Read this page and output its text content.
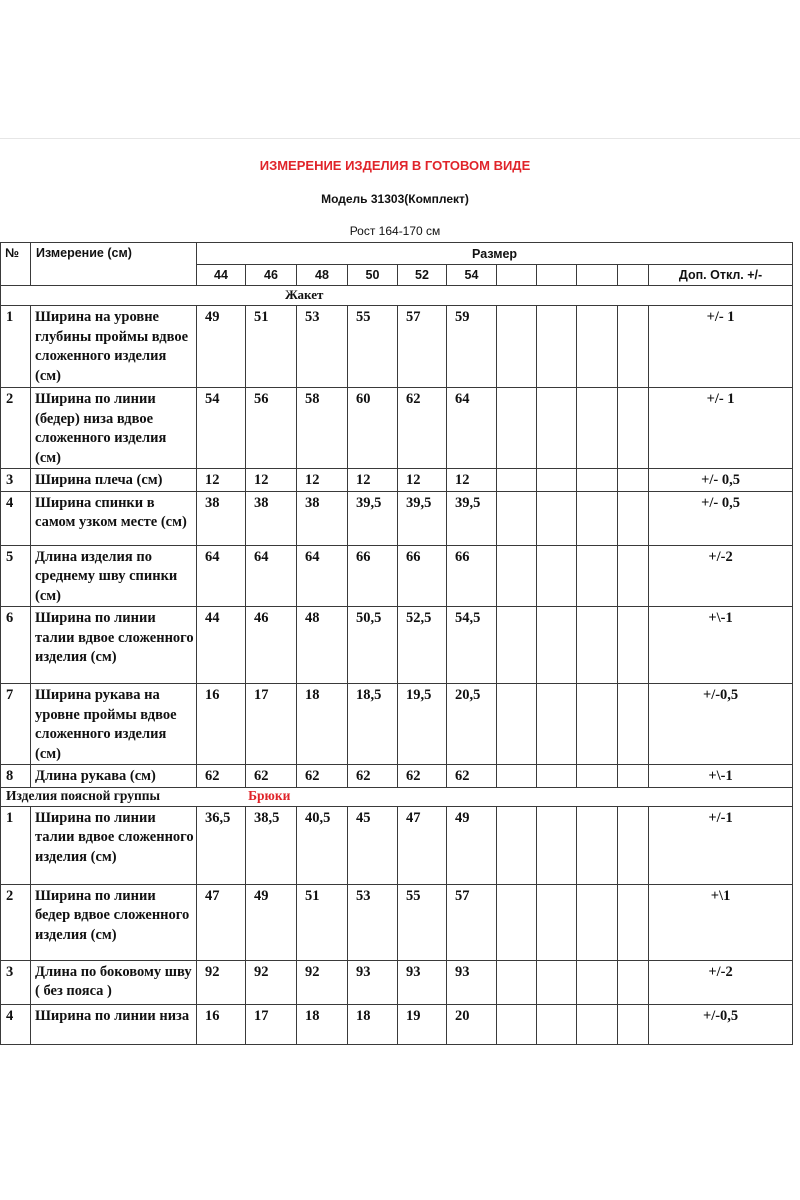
ИЗМЕРЕНИЕ ИЗДЕЛИЯ В ГОТОВОМ ВИДЕ
Модель 31303(Комплект)
Рост 164-170 см
№	Измерение (см)	Размер										
		44	46	48	50	52	54					Доп. Откл. +/-
Жакет												
1	Ширина на уровне глубины проймы вдвое сложенного изделия (см)	49	51	53	55	57	59					+/- 1
2	Ширина по линии (бедер) низа вдвое сложенного изделия (см)	54	56	58	60	62	64					+/- 1
3	Ширина плеча (см)	12	12	12	12	12	12					+/- 0,5
4	Ширина спинки в самом узком месте (см)	38	38	38	39,5	39,5	39,5					+/- 0,5
5	Длина изделия по среднему шву спинки (см)	64	64	64	66	66	66					+/-2
6	Ширина по линии талии вдвое сложенного изделия (см)	44	46	48	50,5	52,5	54,5					+\-1
7	Ширина рукава на уровне проймы вдвое сложенного изделия (см)	16	17	18	18,5	19,5	20,5					+/-0,5
8	Длина рукава (см)	62	62	62	62	62	62					+\-1
Изделия поясной группы Брюки												
1	Ширина по линии талии вдвое сложенного изделия (см)	36,5	38,5	40,5	45	47	49					+/-1
2	Ширина по линии бедер вдвое сложенного изделия (см)	47	49	51	53	55	57					+\1
3	Длина по боковому шву ( без пояса )	92	92	92	93	93	93					+/-2
4	Ширина по линии низа	16	17	18	18	19	20					+/-0,5
